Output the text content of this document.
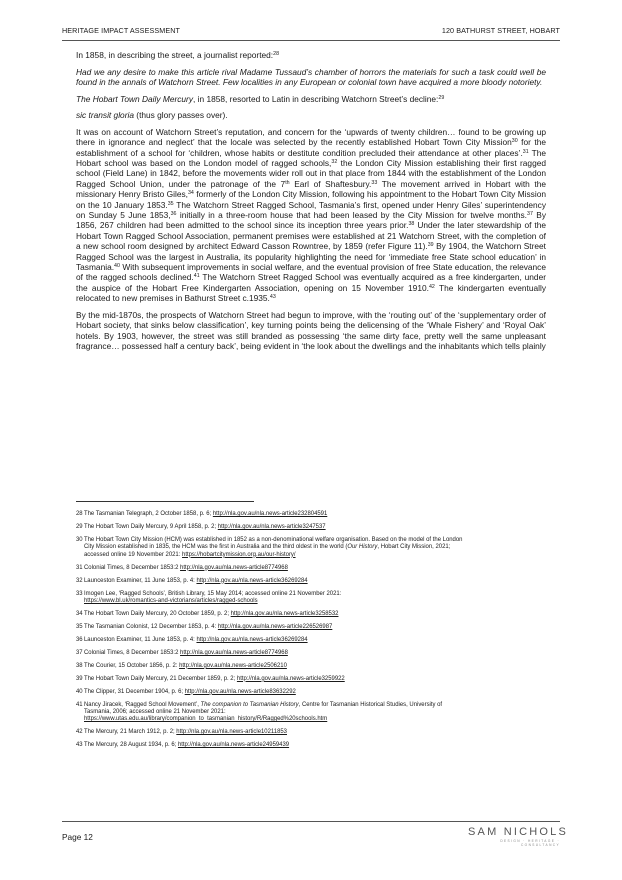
HERITAGE IMPACT ASSESSMENT	120 BATHURST STREET, HOBART

In 1858, in describing the street, a journalist reported:$^{28}$

Had we any desire to make this article rival Madame Tussaud’s chamber of horrors the materials for such a task could well be found in the annals of Watchorn Street. Few localities in any European or colonial town have acquired a more bloody notoriety.

The Hobart Town Daily Mercury, in 1858, resorted to Latin in describing Watchorn Street’s decline:$^{29}$

sic transit gloria (thus glory passes over).

It was on account of Watchorn Street’s reputation, and concern for the ‘upwards of twenty children… found to be growing up there in ignorance and neglect’ that the locale was selected by the recently established Hobart Town City Mission$^{30}$ for the establishment of a school for ‘children, whose habits or destitute condition precluded their attendance at other places’.$^{31}$ The Hobart school was based on the London model of ragged schools,$^{32}$ the London City Mission establishing their first ragged school (Field Lane) in 1842, before the movements wider roll out in that place from 1844 with the establishment of the London Ragged School Union, under the patronage of the 7th Earl of Shaftesbury.$^{33}$ The movement arrived in Hobart with the missionary Henry Bristo Giles,$^{34}$ formerly of the London City Mission, following his appointment to the Hobart Town City Mission on the 10 January 1853.35 The Watchorn Street Ragged School, Tasmania’s first, opened under Henry Giles’ superintendency on Sunday 5 June 1853,36 initially in a three-room house that had been leased by the City Mission for twelve months.$^{37}$ By 1856, 267 children had been admitted to the school since its inception three years prior.$^{38}$ Under the later stewardship of the Hobart Town Ragged School Association, permanent premises were established at 21 Watchorn Street, with the completion of a new school room designed by architect Edward Casson Rowntree, by 1859 (refer Figure 11).$^{39}$ By 1904, the Watchorn Street Ragged School was the largest in Australia, its popularity highlighting the need for ‘immediate free State school education’ in Tasmania.$^{40}$ With subsequent improvements in social welfare, and the eventual provision of free State education, the relevance of the ragged schools declined.$^{41}$ The Watchorn Street Ragged School was eventually acquired as a free kindergarten, under the auspice of the Hobart Free Kindergarten Association, opening on 15 November 1910.42 The kindergarten eventually relocated to new premises in Bathurst Street c.1935.43

By the mid-1870s, the prospects of Watchorn Street had begun to improve, with the ‘routing out’ of the ‘supplementary order of Hobart society, that sinks below classification’, key turning points being the delicensing of the ‘Whale Fishery’ and ‘Royal Oak’ hotels. By 1903, however, the street was still branded as possessing ‘the same dirty face, pretty well the same unpleasant fragrance… possessed half a century back’, being evident in ‘the look about the dwellings and the inhabitants which tells plainly

28The Tasmanian Telegraph, 2 October 1858, p. 6; http://nla.gov.au/nla.news-article232804591
29The Hobart Town Daily Mercury, 9 April 1858, p. 2; http://nla.gov.au/nla.news-article3247537
30The Hobart Town City Mission (HCM) was established in 1852 as a non-denominational welfare organisation. Based on the model of the London
City Mission established in 1835, the HCM was the first in Australia and the third oldest in the world (Our History, Hobart City Mission, 2021;
accessed online 19 November 2021: https://hobartcitymission.org.au/our-history/
31Colonial Times, 8 December 1853:2 http://nla.gov.au/nla.news-article8774968
32Launceston Examiner, 11 June 1853, p. 4: http://nla.gov.au/nla.news-article36269284
33Imogen Lee, ‘Ragged Schools’, British Library, 15 May 2014; accessed online 21 November 2021:
https://www.bl.uk/romantics-and-victorians/articles/ragged-schools
34The Hobart Town Daily Mercury, 20 October 1859, p. 2; http://nla.gov.au/nla.news-article3258532
35The Tasmanian Colonist, 12 December 1853, p. 4: http://nla.gov.au/nla.news-article226526987
36Launceston Examiner, 11 June 1853, p. 4: http://nla.gov.au/nla.news-article36269284
37Colonial Times, 8 December 1853:2 http://nla.gov.au/nla.news-article8774968
38The Courier, 15 October 1856, p. 2: http://nla.gov.au/nla.news-article2506210
39The Hobart Town Daily Mercury, 21 December 1859, p. 2; http://nla.gov.au/nla.news-article3259922
40The Clipper, 31 December 1904, p. 6; http://nla.gov.au/nla.news-article83632292
41Nancy Jiracek, ‘Ragged School Movement’, The companion to Tasmanian History, Centre for Tasmanian Historical Studies, University of
Tasmania, 2006; accessed online 21 November 2021:
https://www.utas.edu.au/library/companion_to_tasmanian_history/R/Ragged%20schools.htm
42The Mercury, 21 March 1912, p. 2; http://nla.gov.au/nla.news-article10211853
43The Mercury, 28 August 1934, p. 6; http://nla.gov.au/nla.news-article24959439
Page 12	SAM NICHOLS
DESIGN · HERITAGE · CONSULTANCY
